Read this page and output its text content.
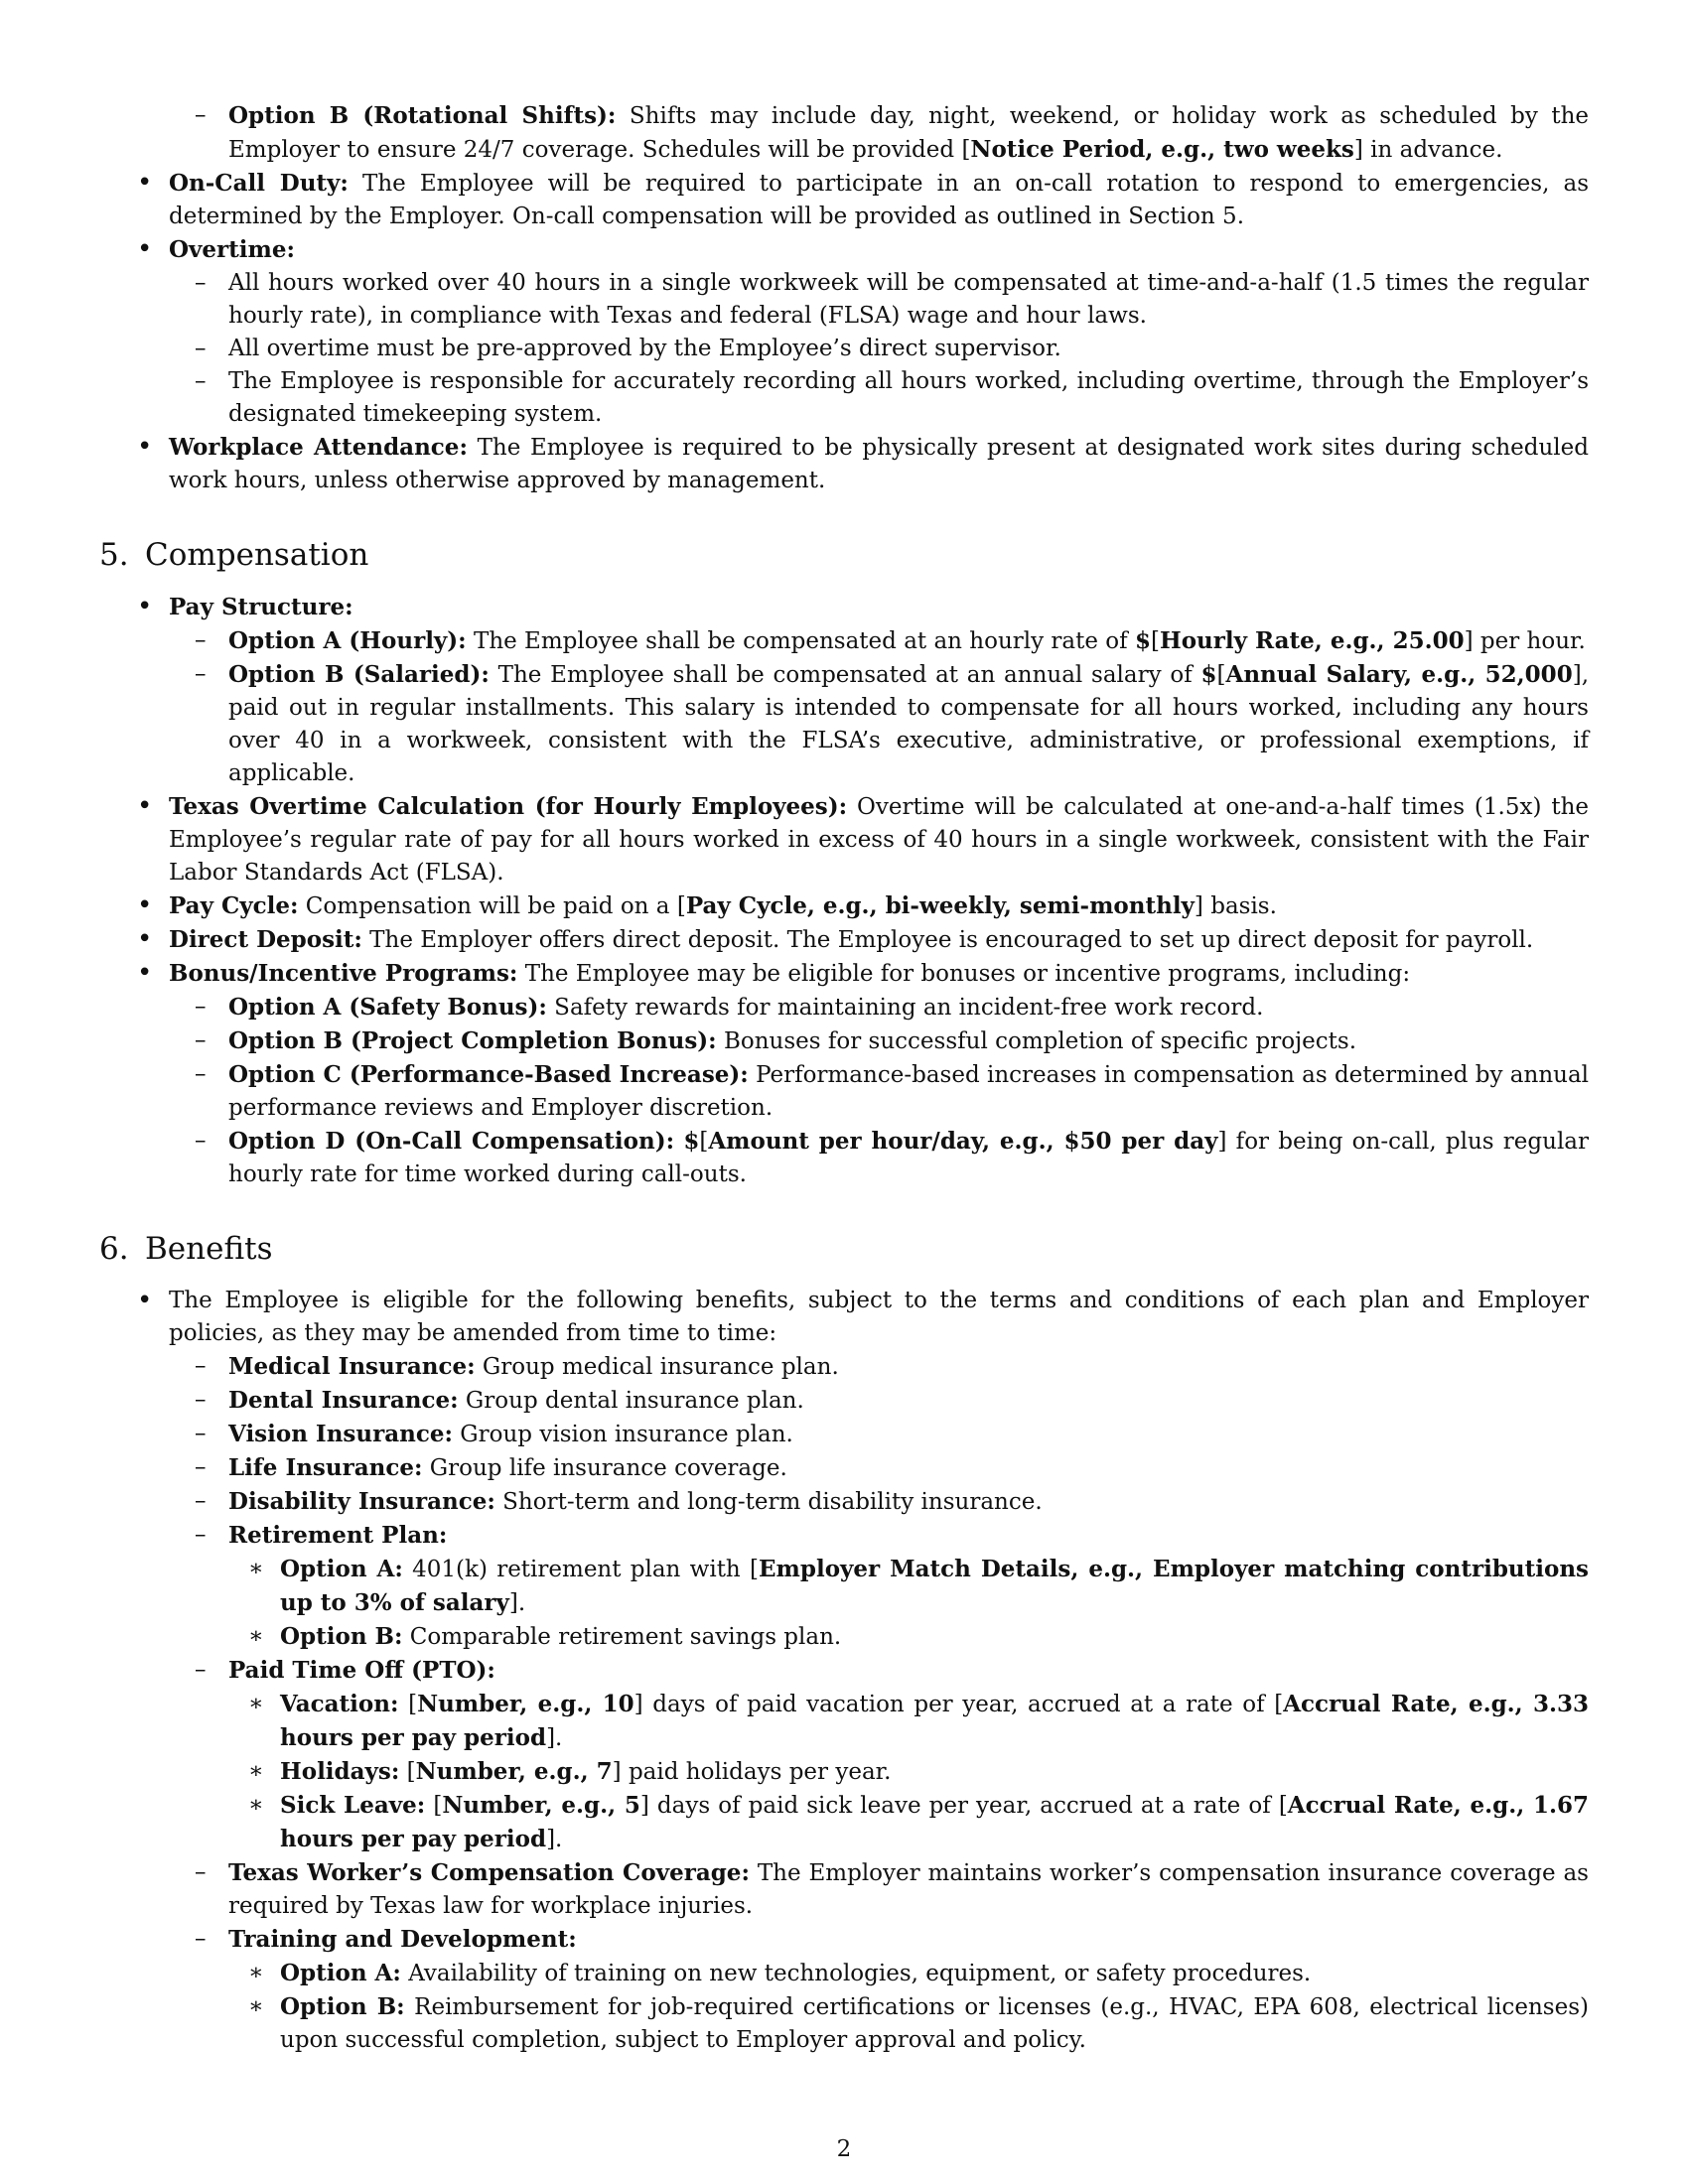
– Option B (Rotational Shifts): Shifts may include day, night, weekend, or holiday work as scheduled by the Employer to ensure 24/7 coverage. Schedules will be provided [Notice Period, e.g., two weeks] in advance.

• On-Call Duty: The Employee will be required to participate in an on-call rotation to respond to emergencies, as determined by the Employer. On-call compensation will be provided as outlined in Section 5.

• Overtime:

– All hours worked over 40 hours in a single workweek will be compensated at time-and-a-half (1.5 times the regular hourly rate), in compliance with Texas and federal (FLSA) wage and hour laws.

– All overtime must be pre-approved by the Employee’s direct supervisor.

– The Employee is responsible for accurately recording all hours worked, including overtime, through the Employer’s designated timekeeping system.

• Workplace Attendance: The Employee is required to be physically present at designated work sites during scheduled work hours, unless otherwise approved by management.

5. Compensation

• Pay Structure:

– Option A (Hourly): The Employee shall be compensated at an hourly rate of $[Hourly Rate, e.g., 25.00] per hour.

– Option B (Salaried): The Employee shall be compensated at an annual salary of $[Annual Salary, e.g., 52,000], paid out in regular installments. This salary is intended to compensate for all hours worked, including any hours over 40 in a workweek, consistent with the FLSA’s executive, administrative, or professional exemptions, if applicable.

• Texas Overtime Calculation (for Hourly Employees): Overtime will be calculated at one-and-a-half times (1.5x) the Employee’s regular rate of pay for all hours worked in excess of 40 hours in a single workweek, consistent with the Fair Labor Standards Act (FLSA).

• Pay Cycle: Compensation will be paid on a [Pay Cycle, e.g., bi-weekly, semi-monthly] basis.

• Direct Deposit: The Employer offers direct deposit. The Employee is encouraged to set up direct deposit for payroll.

• Bonus/Incentive Programs: The Employee may be eligible for bonuses or incentive programs, including:

– Option A (Safety Bonus): Safety rewards for maintaining an incident-free work record.

– Option B (Project Completion Bonus): Bonuses for successful completion of specific projects.

– Option C (Performance-Based Increase): Performance-based increases in compensation as determined by annual performance reviews and Employer discretion.

– Option D (On-Call Compensation): $[Amount per hour/day, e.g., $50 per day] for being on-call, plus regular hourly rate for time worked during call-outs.

6. Benefits

• The Employee is eligible for the following benefits, subject to the terms and conditions of each plan and Employer policies, as they may be amended from time to time:

– Medical Insurance: Group medical insurance plan.

– Dental Insurance: Group dental insurance plan.

– Vision Insurance: Group vision insurance plan.

– Life Insurance: Group life insurance coverage.

– Disability Insurance: Short-term and long-term disability insurance.

– Retirement Plan:

∗ Option A: 401(k) retirement plan with [Employer Match Details, e.g., Employer matching contributions up to 3% of salary].

∗ Option B: Comparable retirement savings plan.

– Paid Time Off (PTO):

∗ Vacation: [Number, e.g., 10] days of paid vacation per year, accrued at a rate of [Accrual Rate, e.g., 3.33 hours per pay period].

∗ Holidays: [Number, e.g., 7] paid holidays per year.

∗ Sick Leave: [Number, e.g., 5] days of paid sick leave per year, accrued at a rate of [Accrual Rate, e.g., 1.67 hours per pay period].

– Texas Worker’s Compensation Coverage: The Employer maintains worker’s compensation insurance coverage as required by Texas law for workplace injuries.

– Training and Development:

∗ Option A: Availability of training on new technologies, equipment, or safety procedures.

∗ Option B: Reimbursement for job-required certifications or licenses (e.g., HVAC, EPA 608, electrical licenses) upon successful completion, subject to Employer approval and policy.

2
